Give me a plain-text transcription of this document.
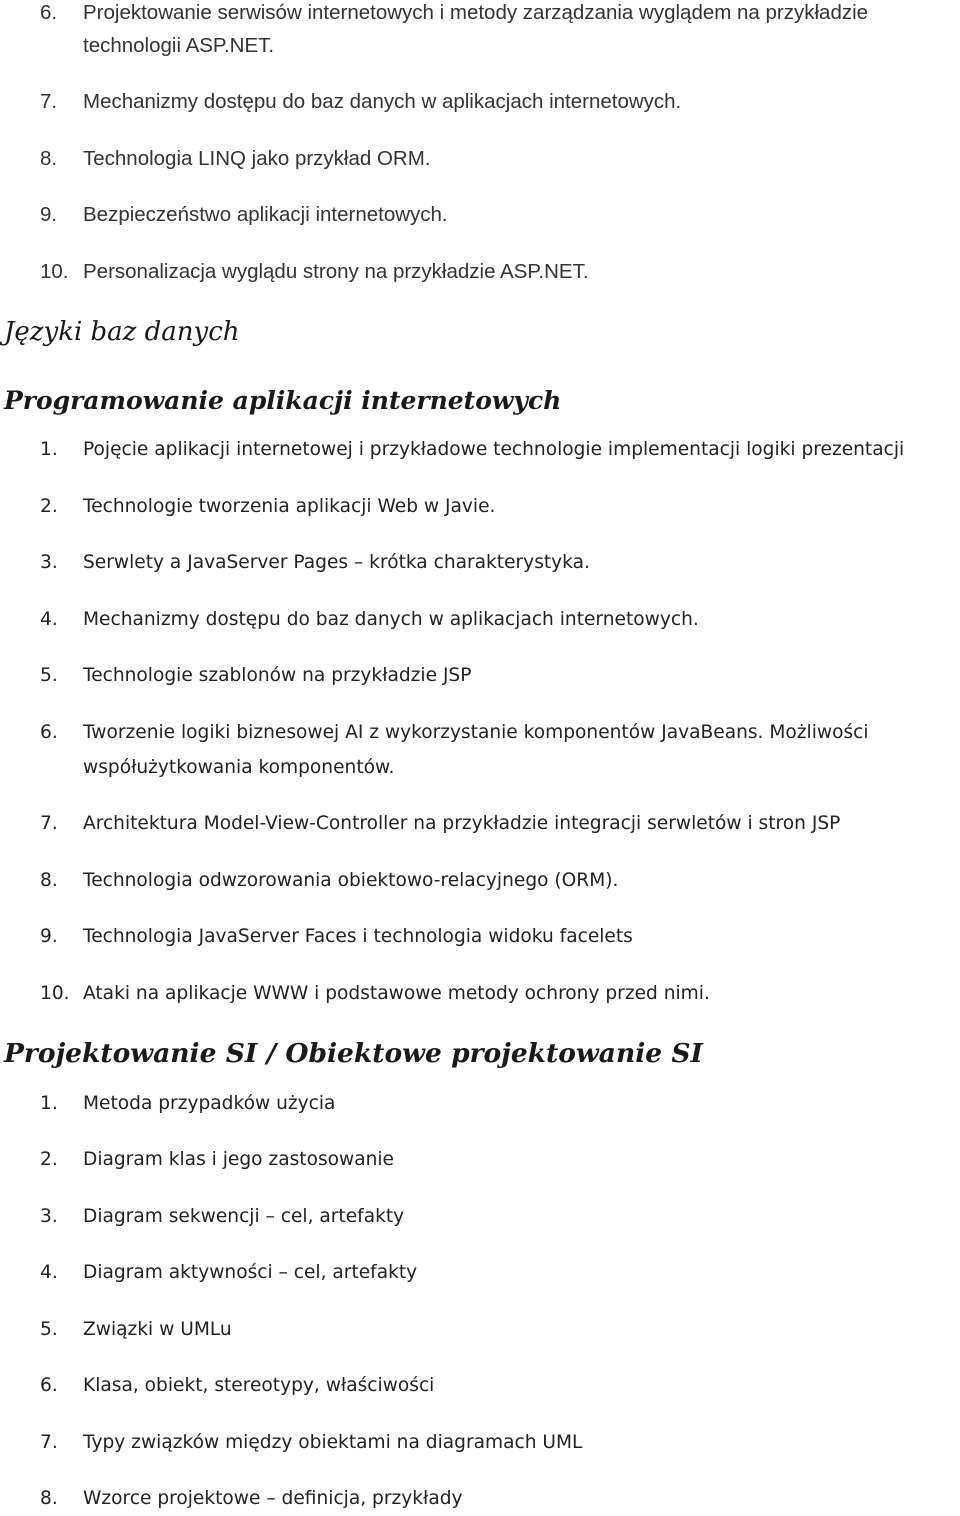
6. Projektowanie serwisów internetowych i metody zarządzania wyglądem na przykładzie
technologii ASP.NET.
7. Mechanizmy dostępu do baz danych w aplikacjach internetowych.
8. Technologia LINQ jako przykład ORM.
9. Bezpieczeństwo aplikacji internetowych.
10. Personalizacja wyglądu strony na przykładzie ASP.NET.
Języki baz danych
Programowanie aplikacji internetowych
1. Pojęcie aplikacji internetowej i przykładowe technologie implementacji logiki prezentacji
2. Technologie tworzenia aplikacji Web w Javie.
3. Serwlety a JavaServer Pages – krótka charakterystyka.
4. Mechanizmy dostępu do baz danych w aplikacjach internetowych.
5. Technologie szablonów na przykładzie JSP
6. Tworzenie logiki biznesowej AI z wykorzystanie komponentów JavaBeans. Możliwości
współużytkowania komponentów.
7. Architektura Model-View-Controller na przykładzie integracji serwletów i stron JSP
8. Technologia odwzorowania obiektowo-relacyjnego (ORM).
9. Technologia JavaServer Faces i technologia widoku facelets
10. Ataki na aplikacje WWW i podstawowe metody ochrony przed nimi.
Projektowanie SI / Obiektowe projektowanie SI
1. Metoda przypadków użycia
2. Diagram klas i jego zastosowanie
3. Diagram sekwencji – cel, artefakty
4. Diagram aktywności – cel, artefakty
5. Związki w UMLu
6. Klasa, obiekt, stereotypy, właściwości
7. Typy związków między obiektami na diagramach UML
8. Wzorce projektowe – definicja, przykłady
